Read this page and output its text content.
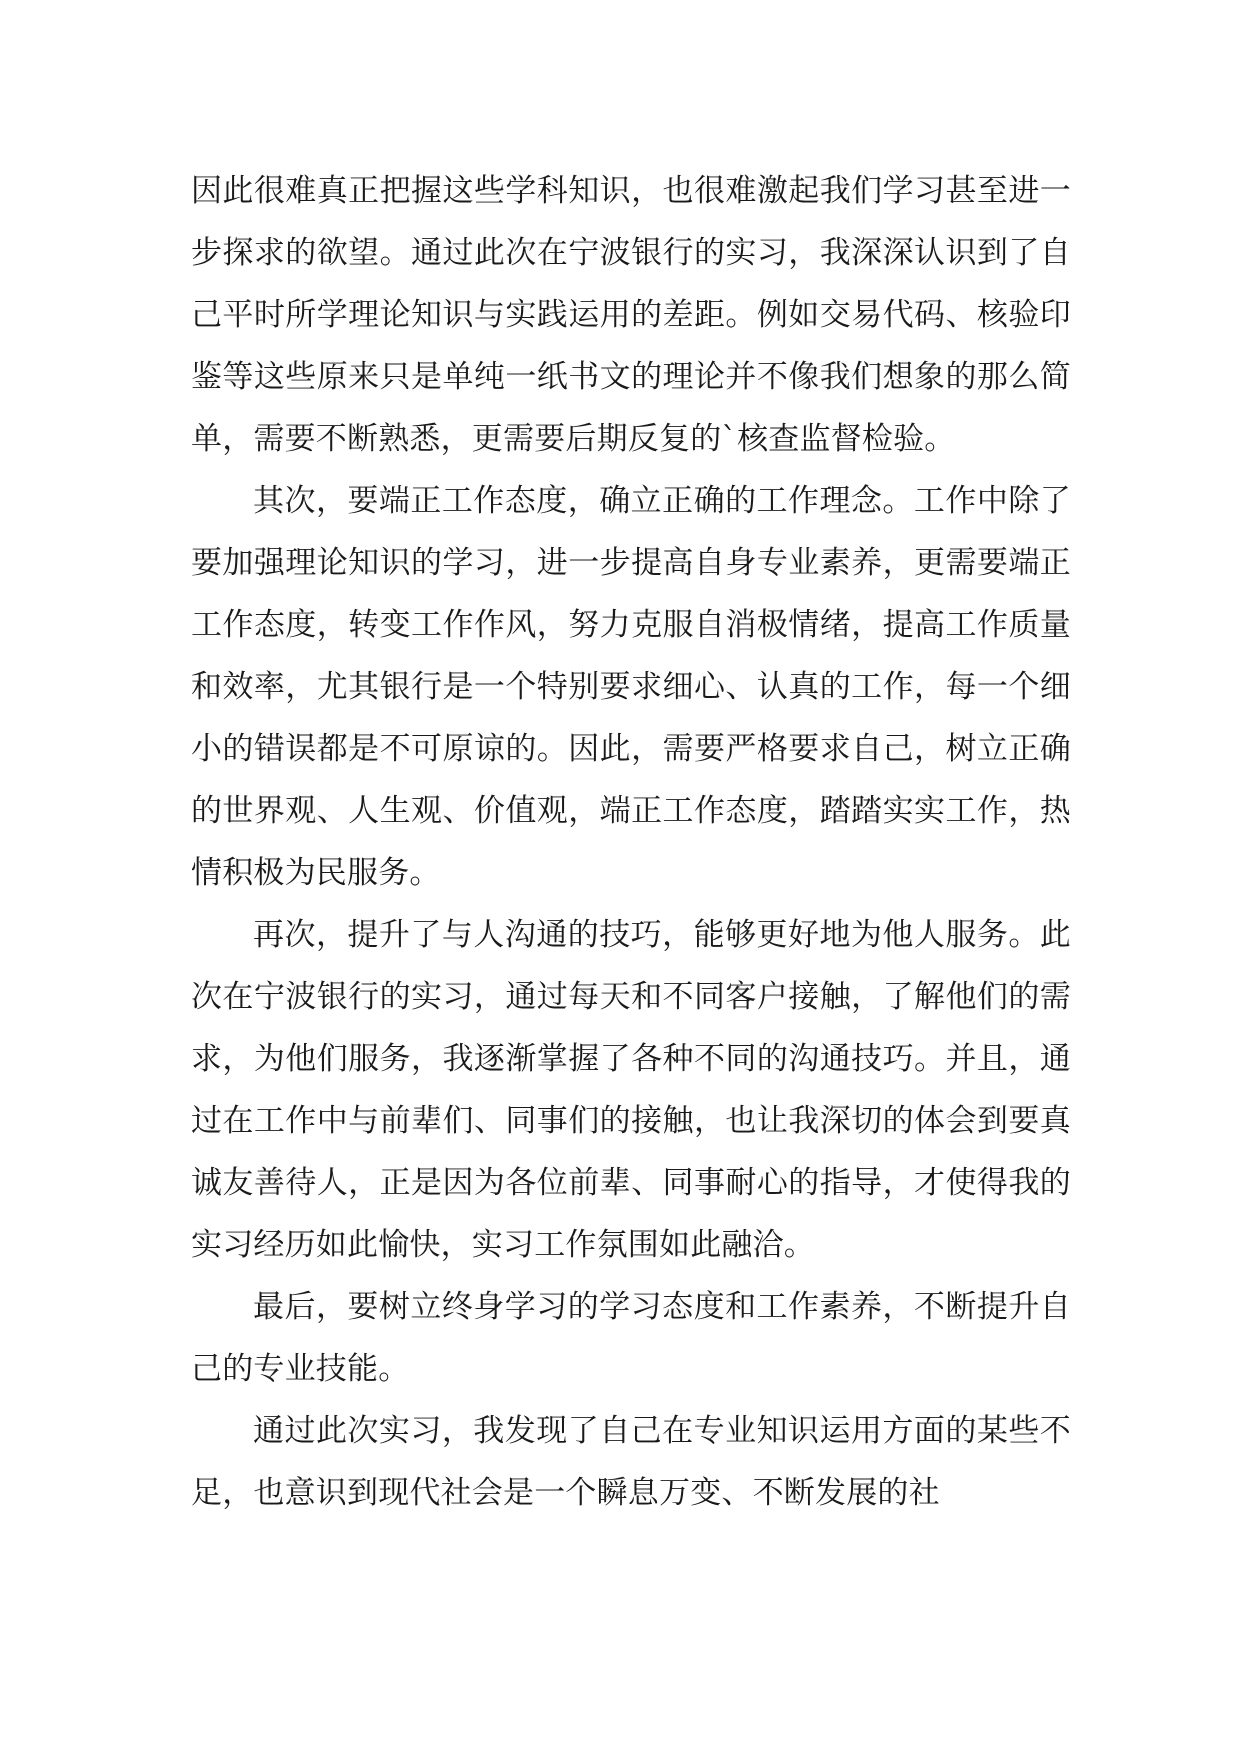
因此很难真正把握这些学科知识，也很难激起我们学习甚至进一步探求的欲望。通过此次在宁波银行的实习，我深深认识到了自己平时所学理论知识与实践运用的差距。例如交易代码、核验印鉴等这些原来只是单纯一纸书文的理论并不像我们想象的那么简单，需要不断熟悉，更需要后期反复的`核查监督检验。

其次，要端正工作态度，确立正确的工作理念。工作中除了要加强理论知识的学习，进一步提高自身专业素养，更需要端正工作态度，转变工作作风，努力克服自消极情绪，提高工作质量和效率，尤其银行是一个特别要求细心、认真的工作，每一个细小的错误都是不可原谅的。因此，需要严格要求自己，树立正确的世界观、人生观、价值观，端正工作态度，踏踏实实工作，热情积极为民服务。

再次，提升了与人沟通的技巧，能够更好地为他人服务。此次在宁波银行的实习，通过每天和不同客户接触，了解他们的需求，为他们服务，我逐渐掌握了各种不同的沟通技巧。并且，通过在工作中与前辈们、同事们的接触，也让我深切的体会到要真诚友善待人，正是因为各位前辈、同事耐心的指导，才使得我的实习经历如此愉快，实习工作氛围如此融洽。

最后，要树立终身学习的学习态度和工作素养，不断提升自己的专业技能。

通过此次实习，我发现了自己在专业知识运用方面的某些不足，也意识到现代社会是一个瞬息万变、不断发展的社
